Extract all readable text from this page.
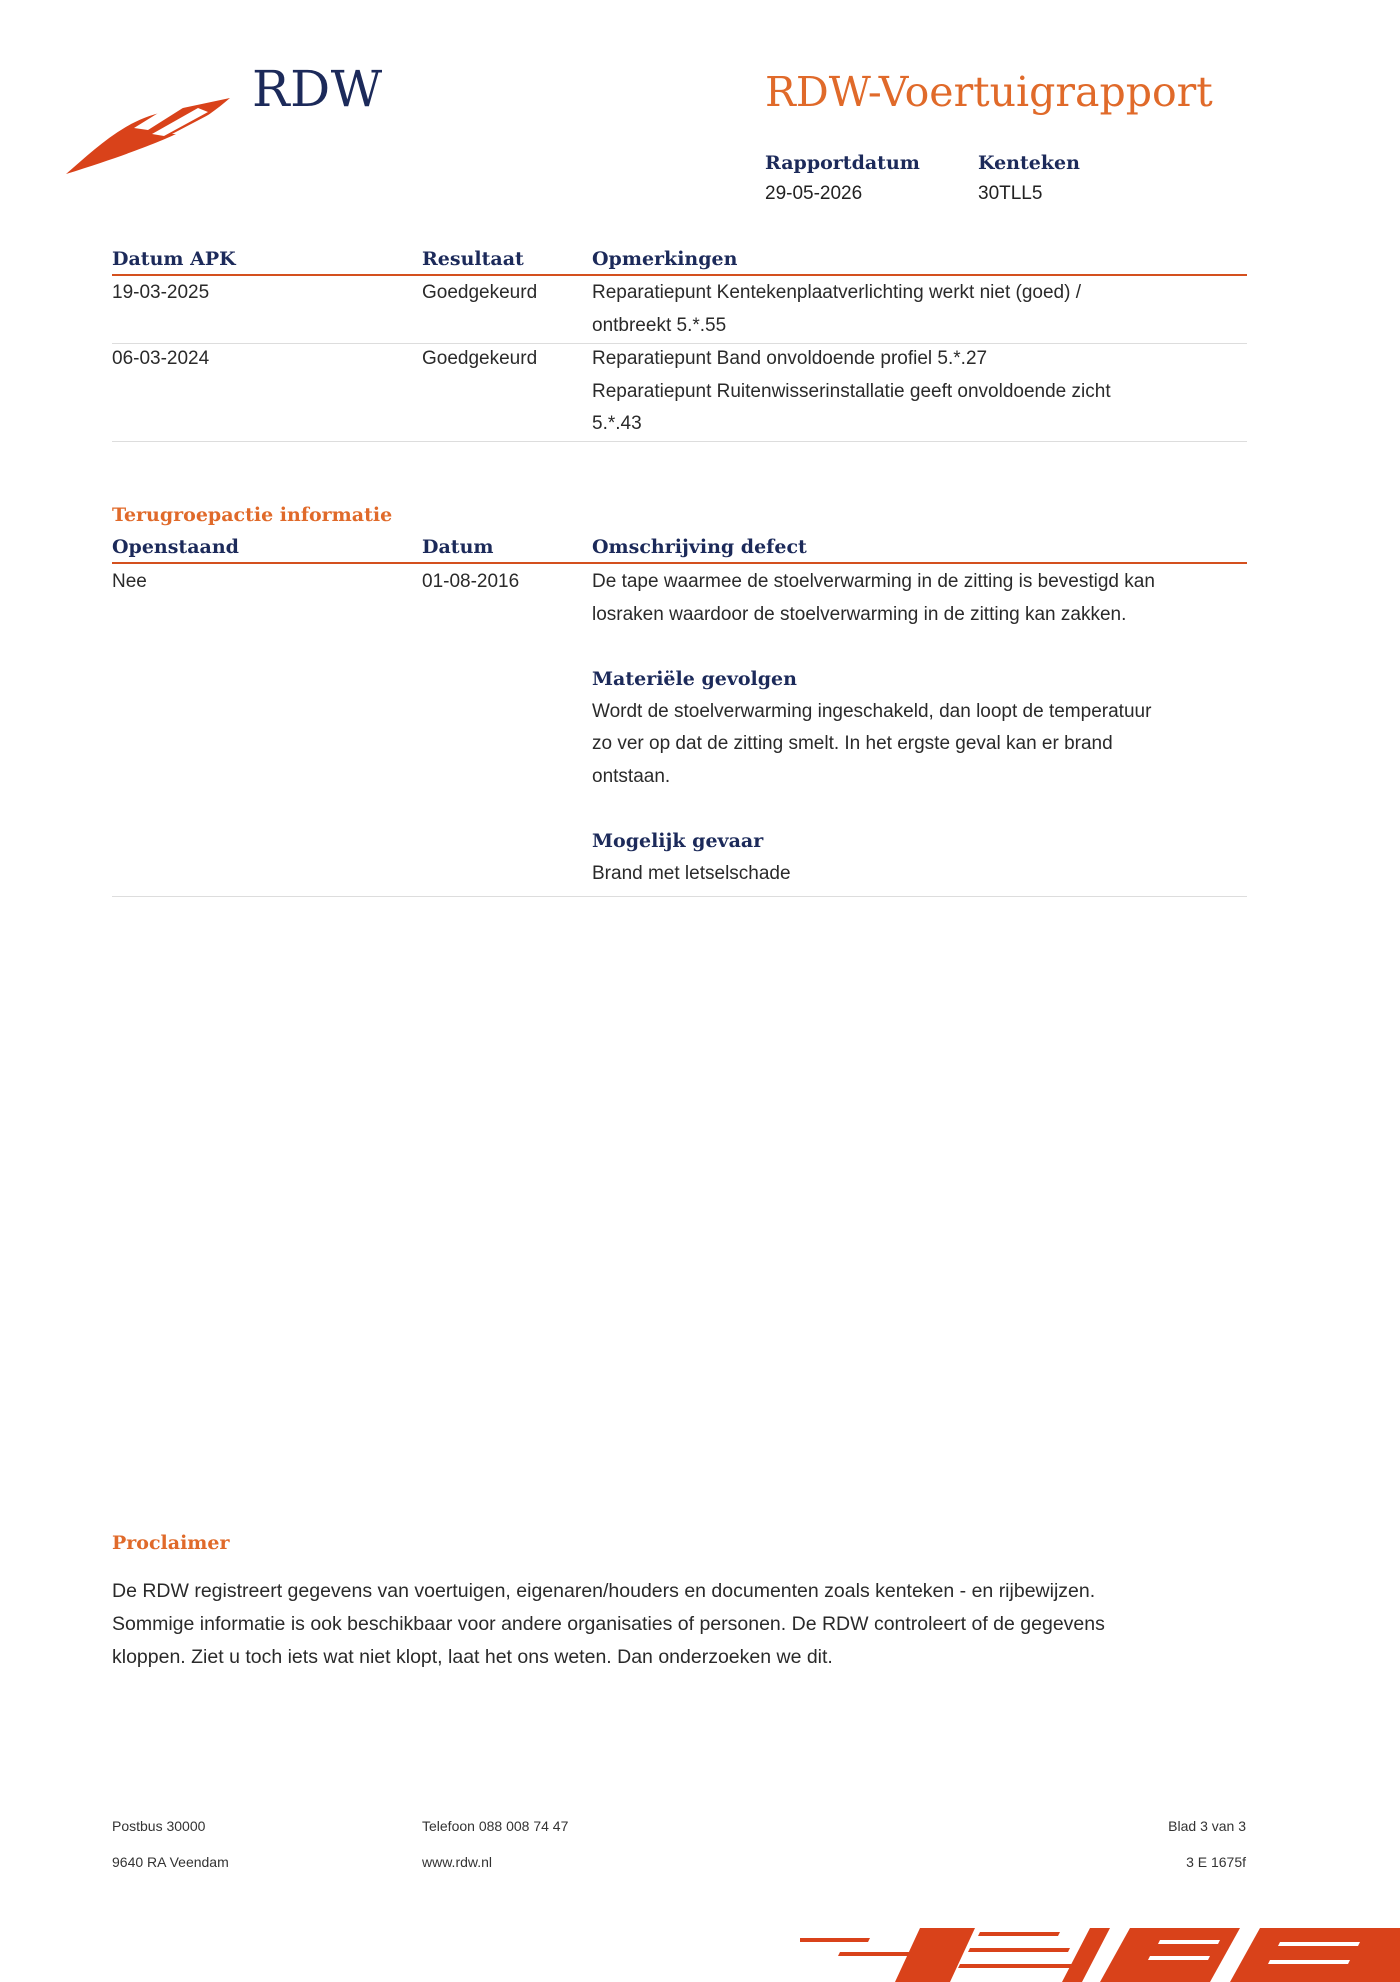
RDW	RDW-Voertuigrapport
Rapportdatum
29-05-2026
Kenteken
30TLL5
Datum APK	Resultaat	Opmerkingen
19-03-2025	Goedgekeurd	Reparatiepunt Kentekenplaatverlichting werkt niet (goed) /
ontbreekt 5.*.55
06-03-2024	Goedgekeurd	Reparatiepunt Band onvoldoende profiel 5.*.27
Reparatiepunt Ruitenwisserinstallatie geeft onvoldoende zicht
5.*.43
Terugroepactie informatie
Openstaand	Datum	Omschrijving defect
Nee	01-08-2016	De tape waarmee de stoelverwarming in de zitting is bevestigd kan
losraken waardoor de stoelverwarming in de zitting kan zakken.
Materiële gevolgen
Wordt de stoelverwarming ingeschakeld, dan loopt de temperatuur
zo ver op dat de zitting smelt. In het ergste geval kan er brand
ontstaan.
Mogelijk gevaar
Brand met letselschade
Proclaimer
De RDW registreert gegevens van voertuigen, eigenaren/houders en documenten zoals kenteken - en rijbewijzen.
Sommige informatie is ook beschikbaar voor andere organisaties of personen. De RDW controleert of de gegevens
kloppen. Ziet u toch iets wat niet klopt, laat het ons weten. Dan onderzoeken we dit.
Postbus 30000
9640 RA Veendam
Telefoon 088 008 74 47
www.rdw.nl
Blad 3 van 3
3 E 1675f
